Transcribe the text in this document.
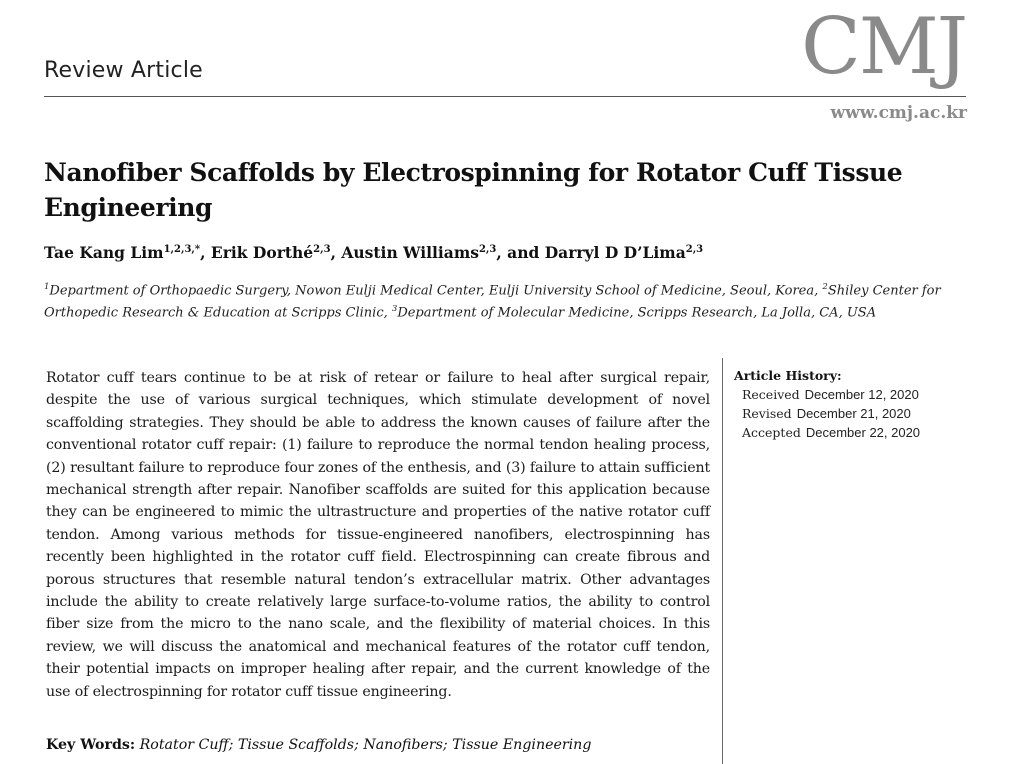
Review Article	CMJ
www.cmj.ac.kr
Nanofiber Scaffolds by Electrospinning for Rotator Cuff Tissue Engineering
Tae Kang Lim$^{1,2,3,*}$, Erik Dorthé$^{2,3}$, Austin Williams$^{2,3}$, and Darryl D D’Lima$^{2,3}$
$^1$Department of Orthopaedic Surgery, Nowon Eulji Medical Center, Eulji University School of Medicine, Seoul, Korea, $^2$Shiley Center for Orthopedic Research & Education at Scripps Clinic, $^3$Department of Molecular Medicine, Scripps Research, La Jolla, CA, USA
Rotator cuff tears continue to be at risk of retear or failure to heal after surgical repair, despite the use of various surgical techniques, which stimulate development of novel scaffolding strategies. They should be able to address the known causes of failure after the conventional rotator cuff repair: (1) failure to reproduce the normal tendon healing process, (2) resultant failure to reproduce four zones of the enthesis, and (3) failure to attain sufficient mechanical strength after repair. Nanofiber scaffolds are suited for this application because they can be engineered to mimic the ultrastructure and properties of the native rotator cuff tendon. Among various methods for tissue-engineered nanofibers, electrospinning has recently been highlighted in the rotator cuff field. Electrospinning can create fibrous and porous structures that resemble natural tendon’s extracellular matrix. Other advantages include the ability to create relatively large surface-to-volume ratios, the ability to control fiber size from the micro to the nano scale, and the flexibility of material choices. In this review, we will discuss the anatomical and mechanical features of the rotator cuff tendon, their potential impacts on improper healing after repair, and the current knowledge of the use of electrospinning for rotator cuff tissue engineering.
Key Words: Rotator Cuff; Tissue Scaffolds; Nanofibers; Tissue Engineering
Article History:
Received December 12, 2020
Revised December 21, 2020
Accepted December 22, 2020
